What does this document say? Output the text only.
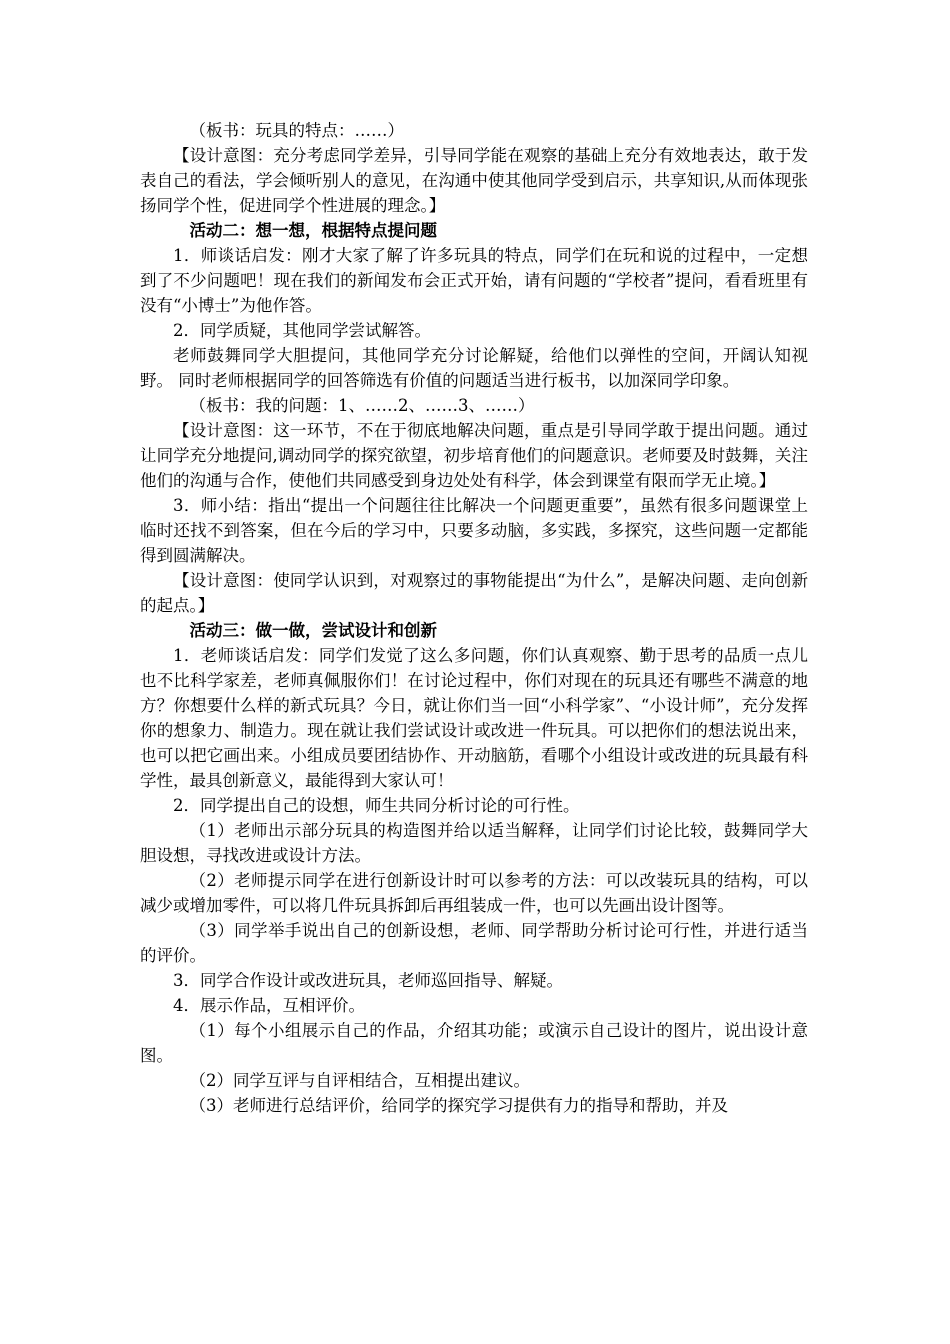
（板书：玩具的特点：……）

【设计意图：充分考虑同学差异，引导同学能在观察的基础上充分有效地表达，敢于发表自己的看法，学会倾听别人的意见，在沟通中使其他同学受到启示，共享知识,从而体现张扬同学个性，促进同学个性进展的理念。】

活动二：想一想，根据特点提问题

1．师谈话启发：刚才大家了解了许多玩具的特点，同学们在玩和说的过程中，一定想到了不少问题吧！现在我们的新闻发布会正式开始，请有问题的“学校者”提问，看看班里有没有“小博士”为他作答。

2．同学质疑，其他同学尝试解答。

老师鼓舞同学大胆提问，其他同学充分讨论解疑，给他们以弹性的空间，开阔认知视野。 同时老师根据同学的回答筛选有价值的问题适当进行板书，以加深同学印象。

（板书：我的问题：1、……2、……3、……）

【设计意图：这一环节，不在于彻底地解决问题，重点是引导同学敢于提出问题。通过让同学充分地提问,调动同学的探究欲望，初步培育他们的问题意识。老师要及时鼓舞，关注他们的沟通与合作，使他们共同感受到身边处处有科学，体会到课堂有限而学无止境。】

3．师小结：指出“提出一个问题往往比解决一个问题更重要”，虽然有很多问题课堂上临时还找不到答案，但在今后的学习中，只要多动脑，多实践，多探究，这些问题一定都能得到圆满解决。

【设计意图：使同学认识到，对观察过的事物能提出“为什么”，是解决问题、走向创新的起点。】

活动三：做一做，尝试设计和创新

1．老师谈话启发：同学们发觉了这么多问题，你们认真观察、勤于思考的品质一点儿也不比科学家差，老师真佩服你们！在讨论过程中，你们对现在的玩具还有哪些不满意的地方？你想要什么样的新式玩具？今日，就让你们当一回“小科学家”、“小设计师”，充分发挥你的想象力、制造力。现在就让我们尝试设计或改进一件玩具。可以把你们的想法说出来，也可以把它画出来。小组成员要团结协作、开动脑筋，看哪个小组设计或改进的玩具最有科学性，最具创新意义，最能得到大家认可！

2．同学提出自己的设想，师生共同分析讨论的可行性。

（1）老师出示部分玩具的构造图并给以适当解释，让同学们讨论比较，鼓舞同学大胆设想，寻找改进或设计方法。

（2）老师提示同学在进行创新设计时可以参考的方法：可以改装玩具的结构，可以减少或增加零件，可以将几件玩具拆卸后再组装成一件，也可以先画出设计图等。

（3）同学举手说出自己的创新设想，老师、同学帮助分析讨论可行性，并进行适当的评价。

3．同学合作设计或改进玩具，老师巡回指导、解疑。

4．展示作品，互相评价。

（1）每个小组展示自己的作品，介绍其功能；或演示自己设计的图片，说出设计意图。

（2）同学互评与自评相结合，互相提出建议。

（3）老师进行总结评价，给同学的探究学习提供有力的指导和帮助，并及
